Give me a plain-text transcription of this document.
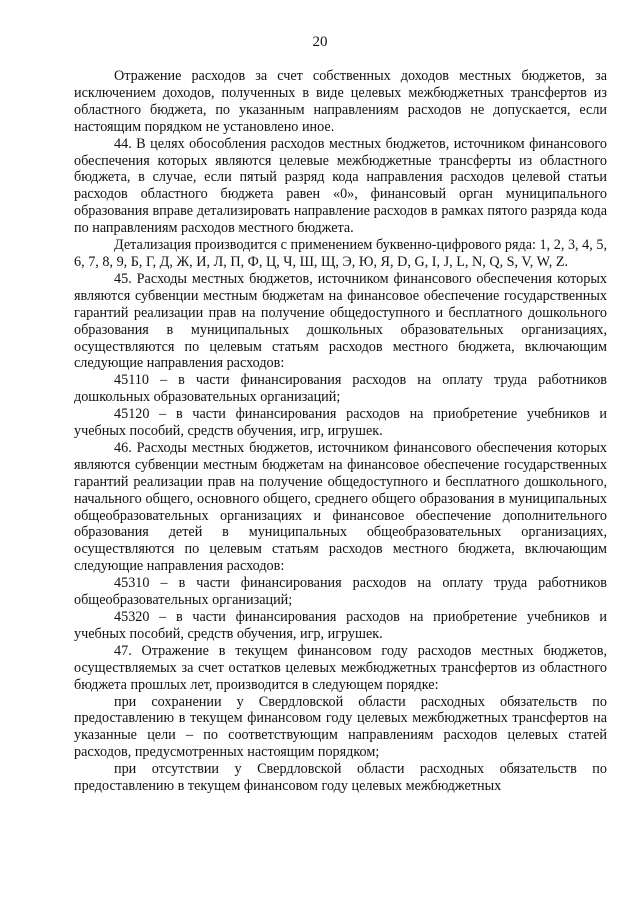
20

Отражение расходов за счет собственных доходов местных бюджетов, за исключением доходов, полученных в виде целевых межбюджетных трансфертов из областного бюджета, по указанным направлениям расходов не допускается, если настоящим порядком не установлено иное.

44. В целях обособления расходов местных бюджетов, источником финансового обеспечения которых являются целевые межбюджетные трансферты из областного бюджета, в случае, если пятый разряд кода направления расходов целевой статьи расходов областного бюджета равен «0», финансовый орган муниципального образования вправе детализировать направление расходов в рамках пятого разряда кода по направлениям расходов местного бюджета.

Детализация производится с применением буквенно-цифрового ряда: 1, 2, 3, 4, 5, 6, 7, 8, 9, Б, Г, Д, Ж, И, Л, П, Ф, Ц, Ч, Ш, Щ, Э, Ю, Я, D, G, I, J, L, N, Q, S, V, W, Z.

45. Расходы местных бюджетов, источником финансового обеспечения которых являются субвенции местным бюджетам на финансовое обеспечение государственных гарантий реализации прав на получение общедоступного и бесплатного дошкольного образования в муниципальных дошкольных образовательных организациях, осуществляются по целевым статьям расходов местного бюджета, включающим следующие направления расходов:

45110 – в части финансирования расходов на оплату труда работников дошкольных образовательных организаций;

45120 – в части финансирования расходов на приобретение учебников и учебных пособий, средств обучения, игр, игрушек.

46. Расходы местных бюджетов, источником финансового обеспечения которых являются субвенции местным бюджетам на финансовое обеспечение государственных гарантий реализации прав на получение общедоступного и бесплатного дошкольного, начального общего, основного общего, среднего общего образования в муниципальных общеобразовательных организациях и финансовое обеспечение дополнительного образования детей в муниципальных общеобразовательных организациях, осуществляются по целевым статьям расходов местного бюджета, включающим следующие направления расходов:

45310 – в части финансирования расходов на оплату труда работников общеобразовательных организаций;

45320 – в части финансирования расходов на приобретение учебников и учебных пособий, средств обучения, игр, игрушек.

47. Отражение в текущем финансовом году расходов местных бюджетов, осуществляемых за счет остатков целевых межбюджетных трансфертов из областного бюджета прошлых лет, производится в следующем порядке:

при сохранении у Свердловской области расходных обязательств по предоставлению в текущем финансовом году целевых межбюджетных трансфертов на указанные цели – по соответствующим направлениям расходов целевых статей расходов, предусмотренных настоящим порядком;

при отсутствии у Свердловской области расходных обязательств по предоставлению в текущем финансовом году целевых межбюджетных
